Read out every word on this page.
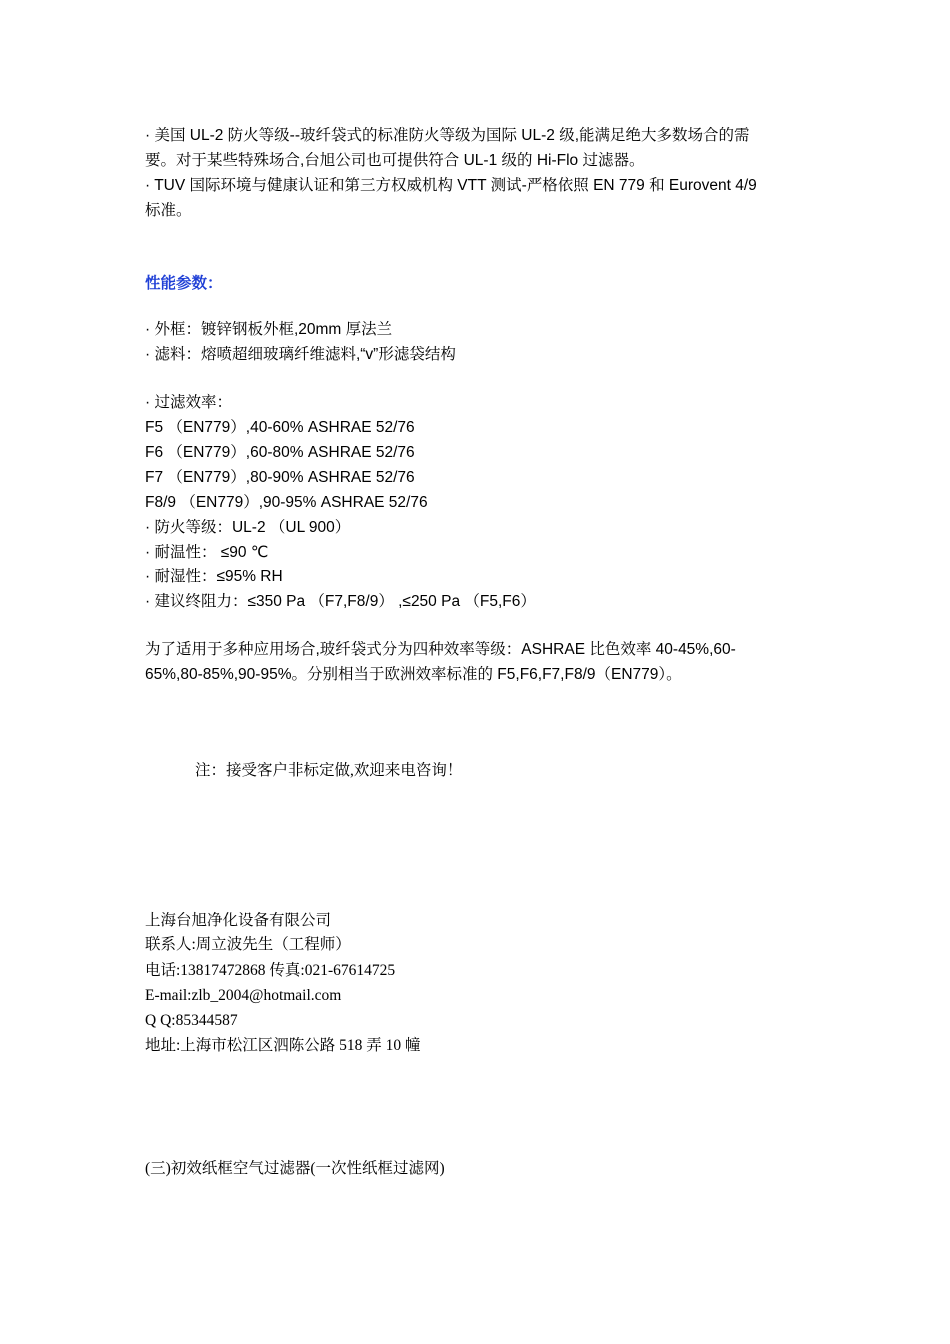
· 美国 UL-2 防火等级--玻纤袋式的标准防火等级为国际 UL-2 级,能满足绝大多数场合的需
要。对于某些特殊场合,台旭公司也可提供符合 UL-1 级的 Hi-Flo 过滤器。
· TUV 国际环境与健康认证和第三方权威机构 VTT 测试-严格依照 EN 779 和 Eurovent 4/9
标准。
性能参数：
· 外框：镀锌钢板外框,20mm 厚法兰
· 滤料：熔喷超细玻璃纤维滤料,“v”形滤袋结构
· 过滤效率：
F5 （EN779）,40-60% ASHRAE 52/76
F6 （EN779）,60-80% ASHRAE 52/76
F7 （EN779）,80-90% ASHRAE 52/76
F8/9 （EN779）,90-95% ASHRAE 52/76
· 防火等级：UL-2 （UL 900）
· 耐温性： ≤90 ℃
· 耐湿性：≤95% RH
· 建议终阻力：≤350 Pa （F7,F8/9） ,≤250 Pa （F5,F6）
为了适用于多种应用场合,玻纤袋式分为四种效率等级：ASHRAE 比色效率 40-45%,60-
65%,80-85%,90-95%。分别相当于欧洲效率标准的 F5,F6,F7,F8/9（EN779）。
注：接受客户非标定做,欢迎来电咨询！
上海台旭净化设备有限公司
联系人:周立波先生（工程师）
电话:13817472868 传真:021-67614725
E-mail:zlb_2004@hotmail.com
Q Q:85344587
地址:上海市松江区泗陈公路 518 弄 10 幢
(三)初效纸框空气过滤器(一次性纸框过滤网)
